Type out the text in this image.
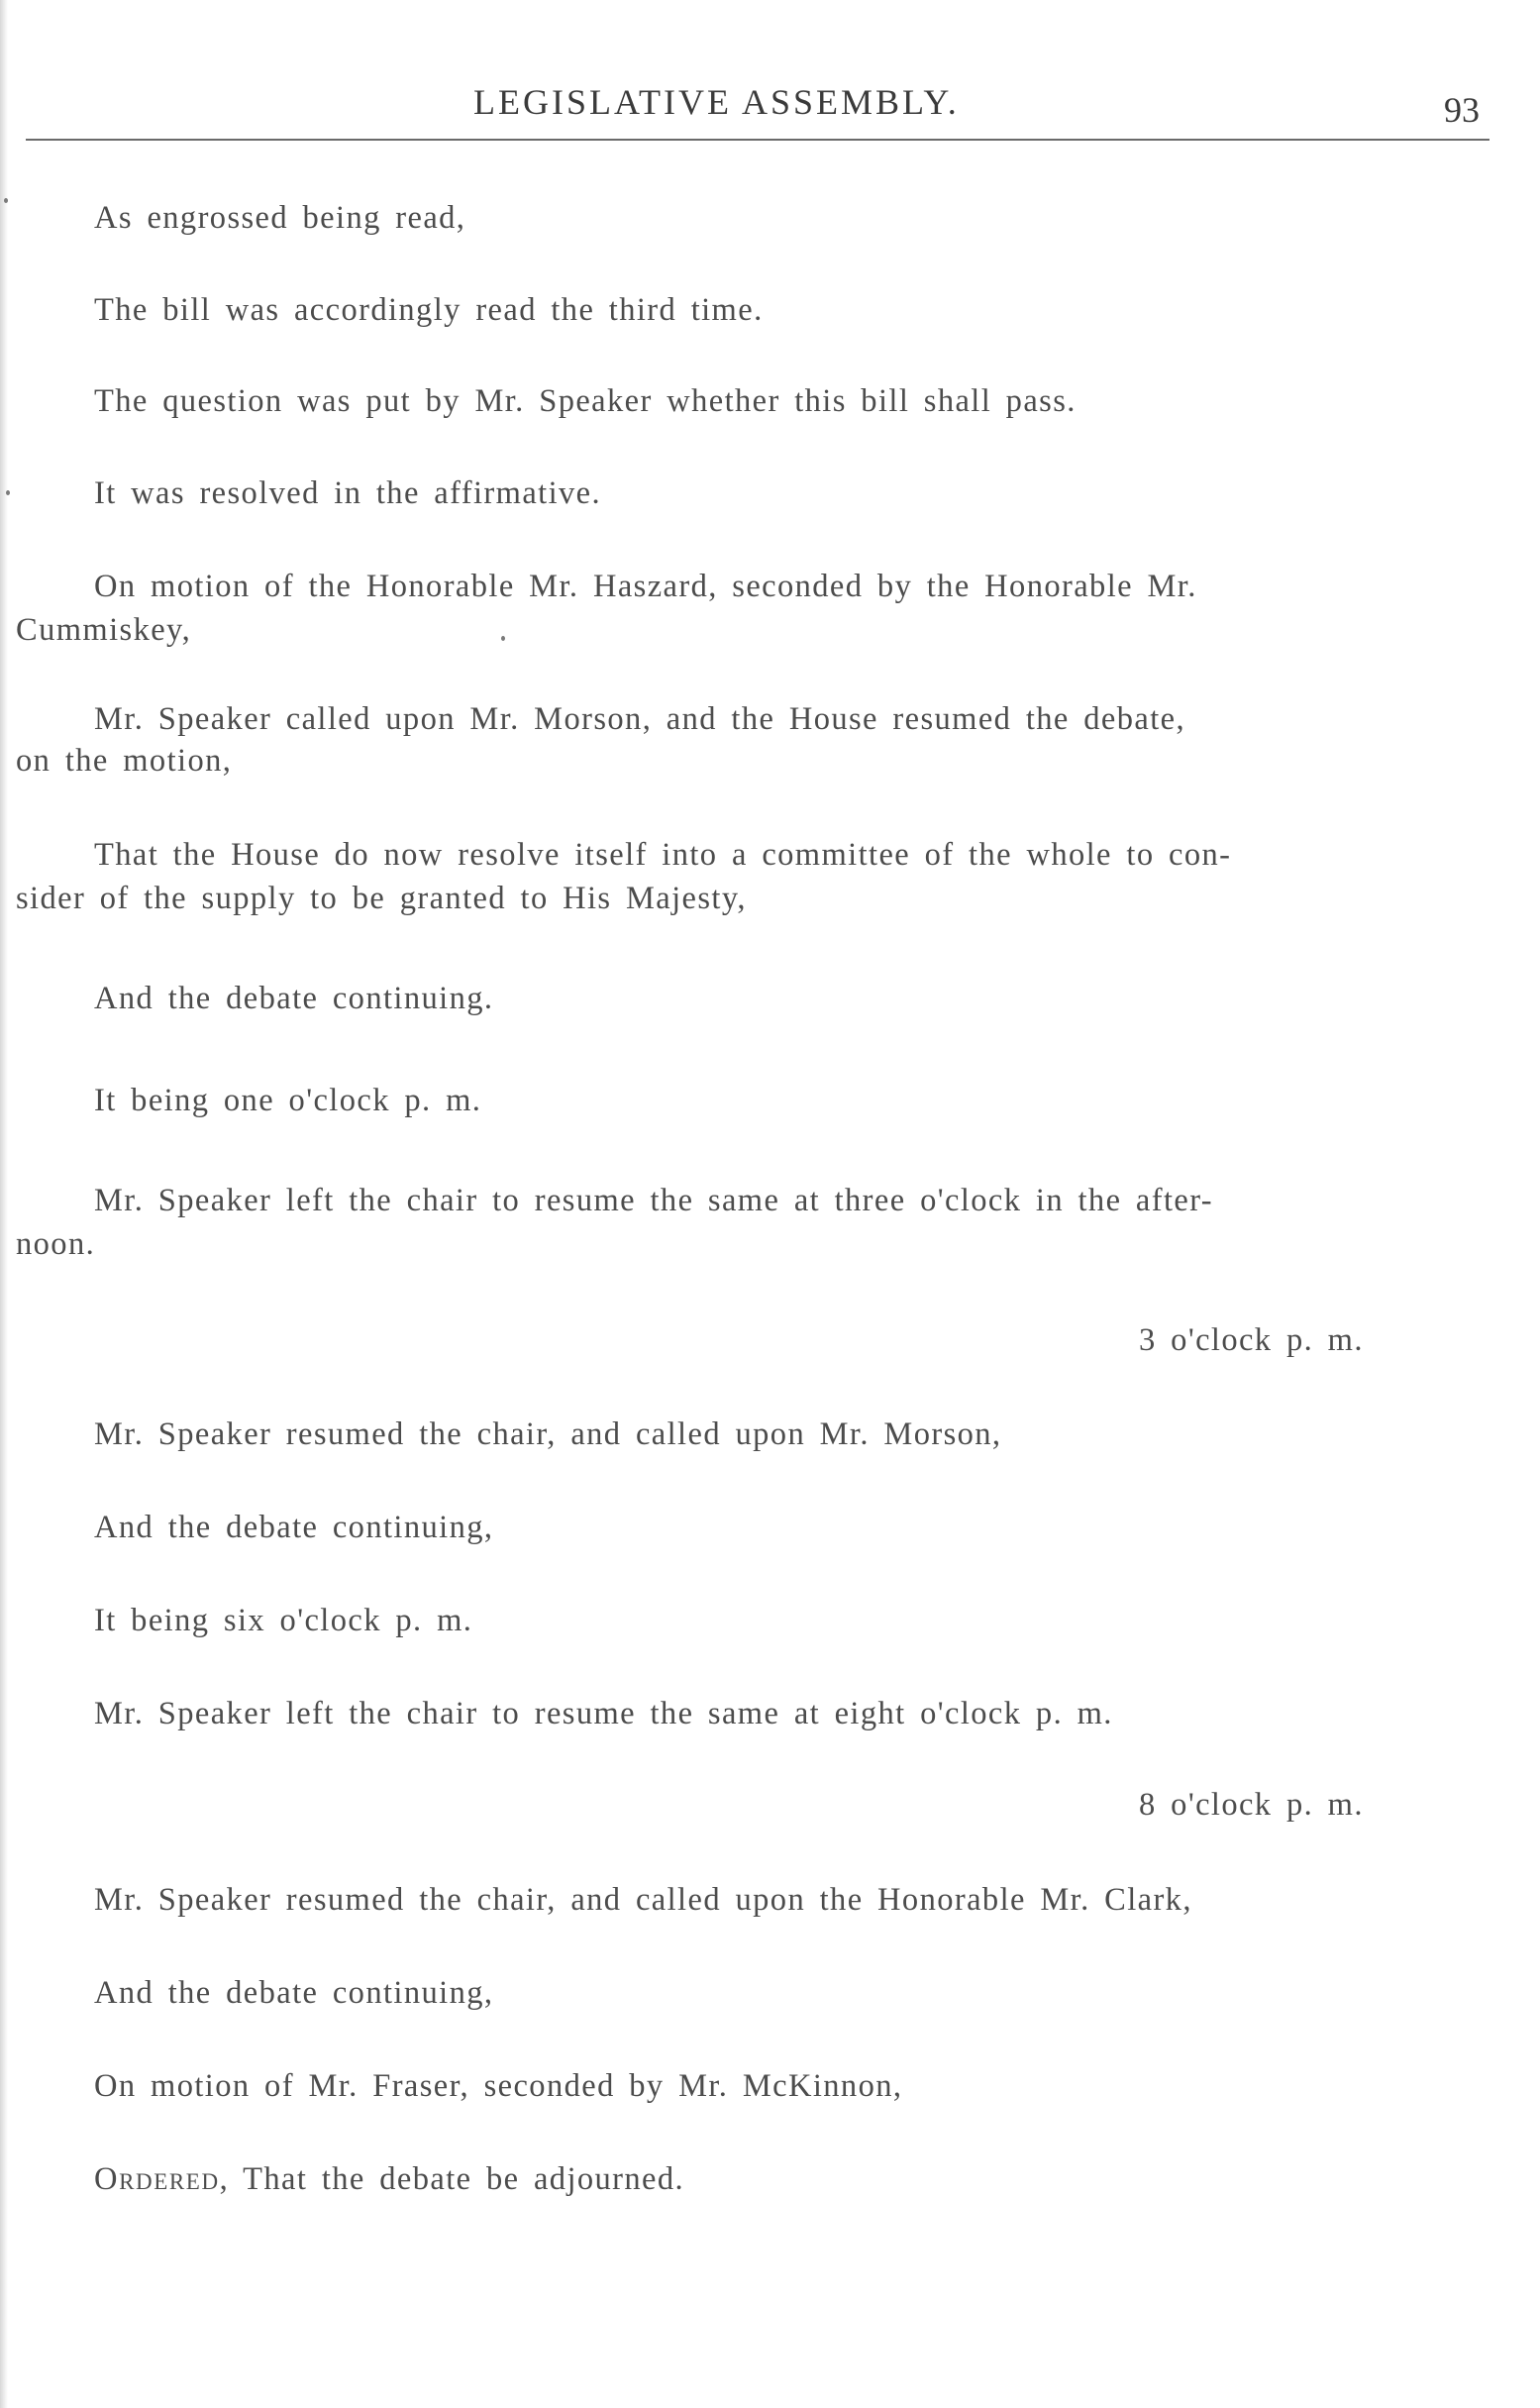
LEGISLATIVE ASSEMBLY.	93
As engrossed being read,
The bill was accordingly read the third time.
The question was put by Mr. Speaker whether this bill shall pass.
It was resolved in the affirmative.
On motion of the Honorable Mr. Haszard, seconded by the Honorable Mr.
Cummiskey,
Mr. Speaker called upon Mr. Morson, and the House resumed the debate,
on the motion,
That the House do now resolve itself into a committee of the whole to con-
sider of the supply to be granted to His Majesty,
And the debate continuing.
It being one o'clock p. m.
Mr. Speaker left the chair to resume the same at three o'clock in the after-
noon.
3 o'clock p. m.
Mr. Speaker resumed the chair, and called upon Mr. Morson,
And the debate continuing,
It being six o'clock p. m.
Mr. Speaker left the chair to resume the same at eight o'clock p. m.
8 o'clock p. m.
Mr. Speaker resumed the chair, and called upon the Honorable Mr. Clark,
And the debate continuing,
On motion of Mr. Fraser, seconded by Mr. McKinnon,
Ordered, That the debate be adjourned.
